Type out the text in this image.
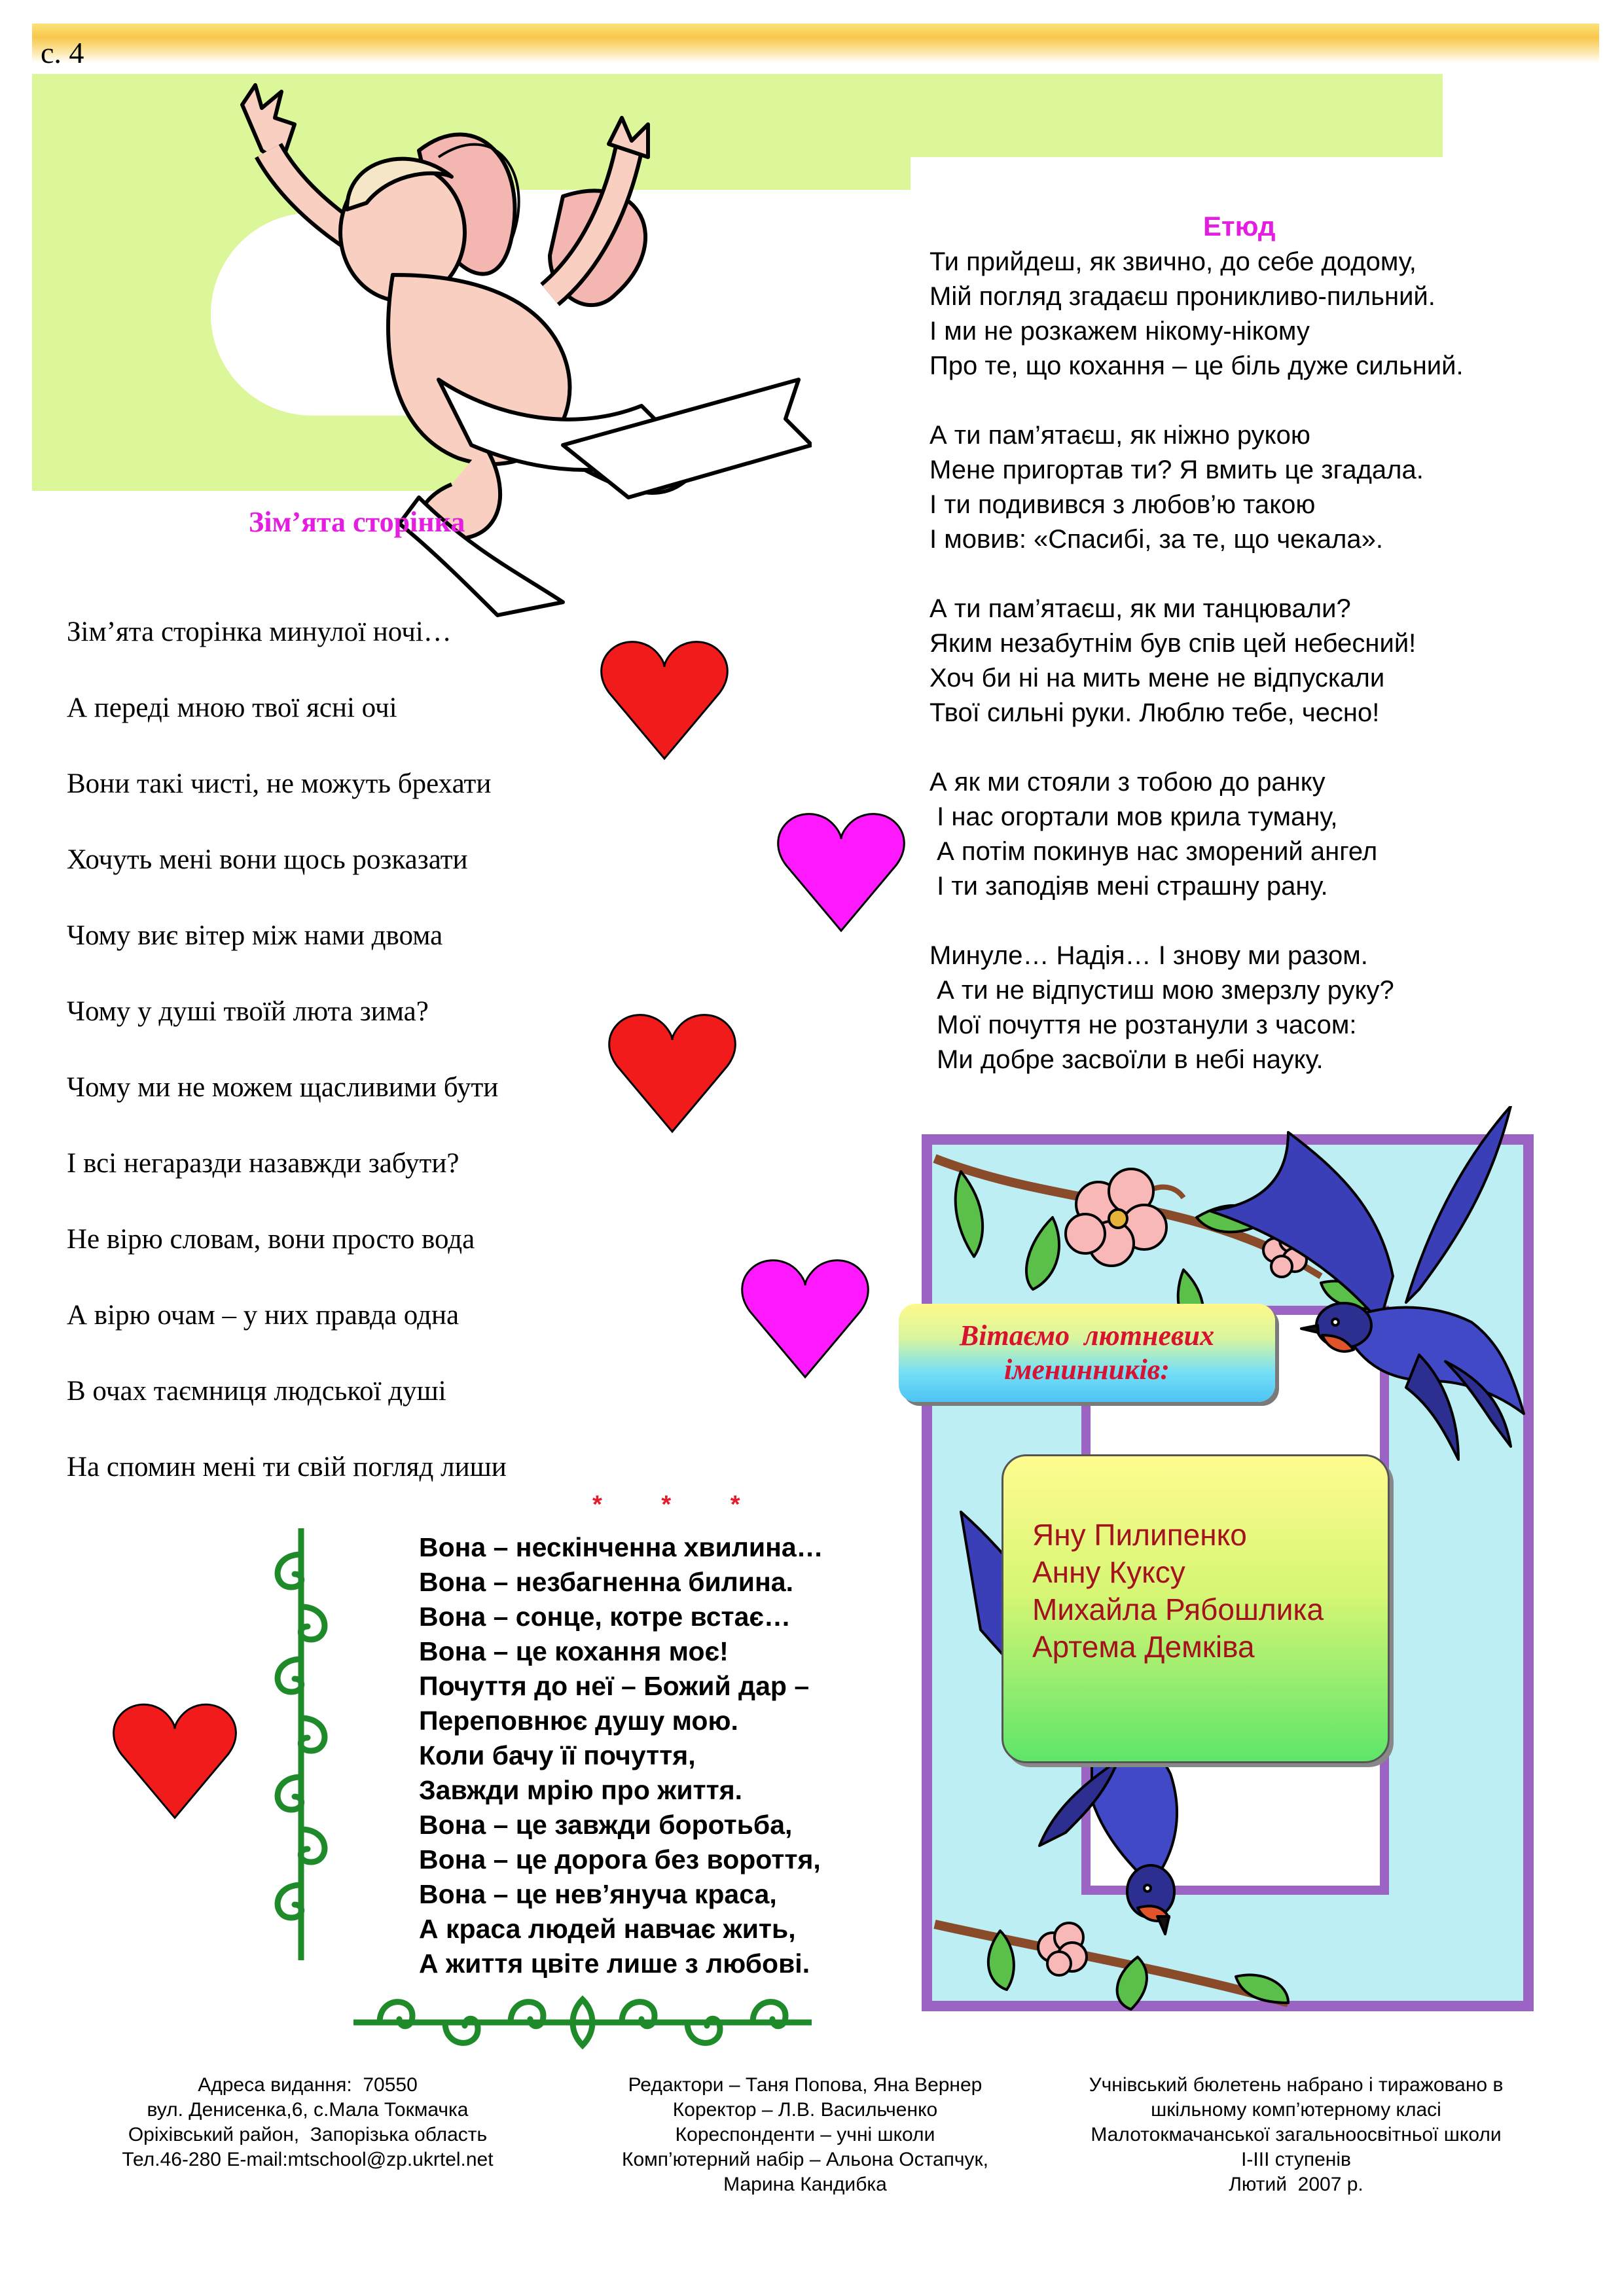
с. 4
Зім’ята сторінка
Зім’ята сторінка минулої ночі…
А переді мною твої ясні очі
Вони такі чисті, не можуть брехати
Хочуть мені вони щось розказати
Чому виє вітер між нами двома
Чому у душі твоїй люта зима?
Чому ми не можем щасливими бути
І всі негаразди назавжди забути?
Не вірю словам, вони просто вода
А вірю очам – у них правда одна
В очах таємниця людської душі
На спомин мені ти свій погляд лиши
Етюд
Ти прийдеш, як звично, до себе додому,
Мій погляд згадаєш проникливо-пильний.
І ми не розкажем нікому-нікому
Про те, що кохання – це біль дуже сильний.

А ти пам’ятаєш, як ніжно рукою
Мене пригортав ти? Я вмить це згадала.
І ти подивився з любов’ю такою
І мовив: «Спасибі, за те, що чекала».

А ти пам’ятаєш, як ми танцювали?
Яким незабутнім був спів цей небесний!
Хоч би ні на мить мене не відпускали
Твої сильні руки. Люблю тебе, чесно!

А як ми стояли з тобою до ранку
І нас огортали мов крила туману,
А потім покинув нас зморений ангел
І ти заподіяв мені страшну рану.

Минуле… Надія… І знову ми разом.
А ти не відпустиш мою змерзлу руку?
Мої почуття не розтанули з часом:
Ми добре засвоїли в небі науку.
Вітаємо  лютневих
іменинників:
Яну Пилипенко
Анну Куксу
Михайла Рябошлика
Артема Демківа
* * *
Вона – нескінченна хвилина…
Вона – незбагненна билина.
Вона – сонце, котре встає…
Вона – це кохання моє!
Почуття до неї – Божий дар –
Переповнює душу мою.
Коли бачу її почуття,
Завжди мрію про життя.
Вона – це завжди боротьба,
Вона – це дорога без вороття,
Вона – це нев’януча краса,
А краса людей навчає жить,
А життя цвіте лише з любові.
Адреса видання:  70550
вул. Денисенка,6, с.Мала Токмачка
Оріхівський район,  Запорізька область
Тел.46-280 E-mail:mtschool@zp.ukrtel.net
Редактори – Таня Попова, Яна Вернер
Коректор – Л.В. Васильченко
Кореспонденти – учні школи
Комп’ютерний набір – Альона Остапчук,
Марина Кандибка
Учнівський бюлетень набрано і тиражовано в
шкільному комп’ютерному класі
Малотокмачанської загальноосвітньої школи
І-ІІІ ступенів
Лютий  2007 р.
